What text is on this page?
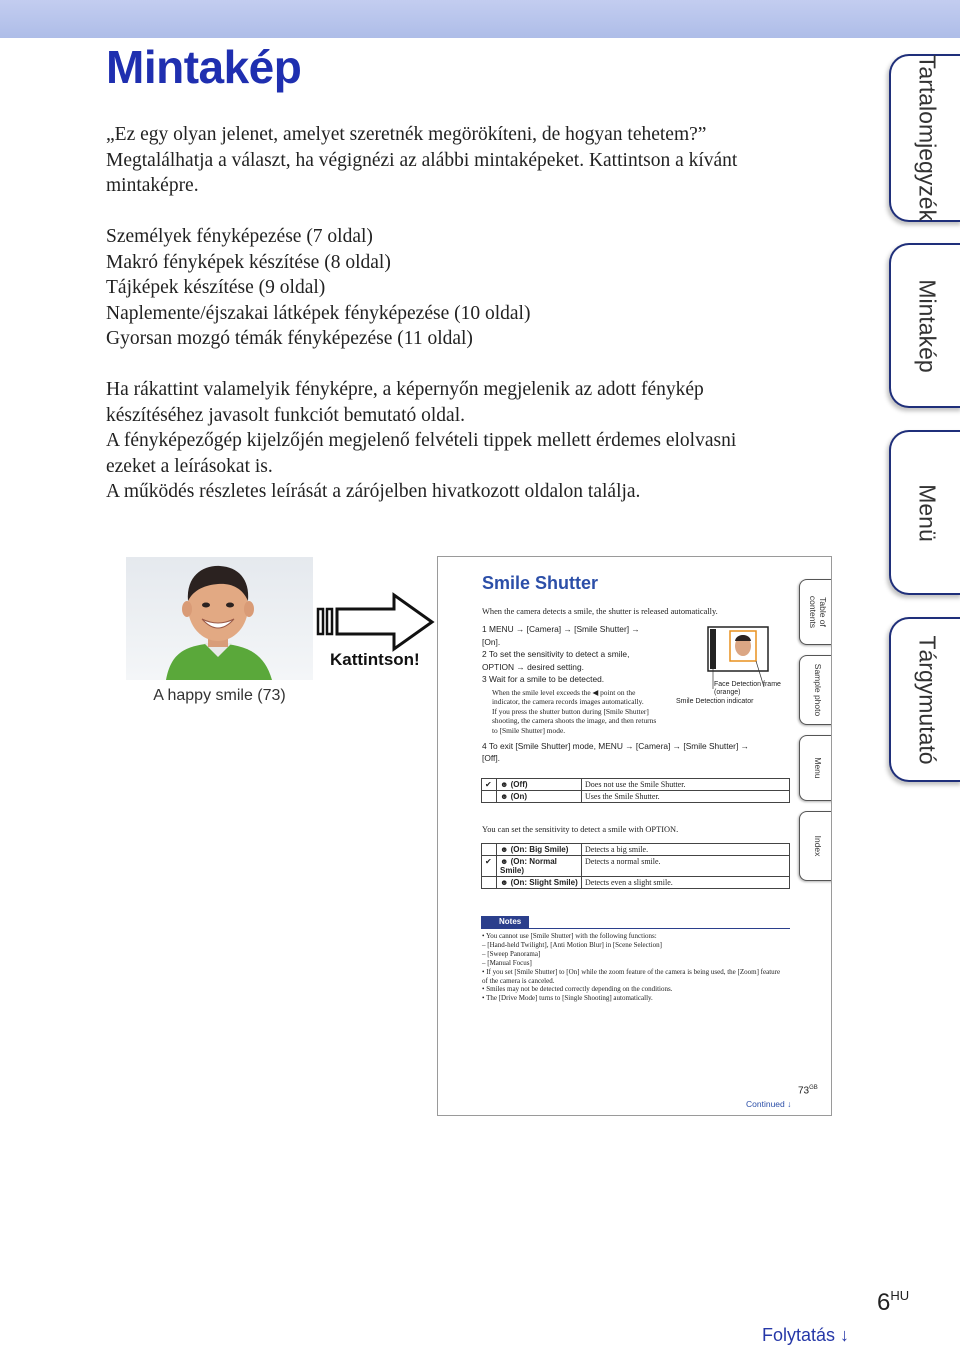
Mintakép
„Ez egy olyan jelenet, amelyet szeretnék megörökíteni, de hogyan tehetem?”
Megtalálhatja a választ, ha végignézi az alábbi mintaképeket. Kattintson a kívánt
mintaképre.
Személyek fényképezése (7 oldal)
Makró fényképek készítése (8 oldal)
Tájképek készítése (9 oldal)
Naplemente/éjszakai látképek fényképezése (10 oldal)
Gyorsan mozgó témák fényképezése (11 oldal)
Ha rákattint valamelyik fényképre, a képernyőn megjelenik az adott fénykép
készítéséhez javasolt funkciót bemutató oldal.
A fényképezőgép kijelzőjén megjelenő felvételi tippek mellett érdemes elolvasni
ezeket a leírásokat is.
A működés részletes leírását a zárójelben hivatkozott oldalon találja.
Tartalomjegyzék
Mintakép
Menü
Tárgymutató
A happy smile (73)
Kattintson!
Smile Shutter
When the camera detects a smile, the shutter is released automatically.
1 MENU → [Camera] → [Smile Shutter] →
[On].
2 To set the sensitivity to detect a smile,
OPTION → desired setting.
3 Wait for a smile to be detected.
When the smile level exceeds the ◀ point on the
indicator, the camera records images automatically.
If you press the shutter button during [Smile Shutter]
shooting, the camera shoots the image, and then returns
to [Smile Shutter] mode.
4 To exit [Smile Shutter] mode, MENU → [Camera] → [Smile Shutter] →
[Off].
Face Detection frame
(orange)
Smile Detection indicator
✔	☻ (Off)	Does not use the Smile Shutter.
	☻ (On)	Uses the Smile Shutter.
You can set the sensitivity to detect a smile with OPTION.
	☻ (On: Big Smile)	Detects a big smile.
✔	☻ (On: Normal Smile)	Detects a normal smile.
	☻ (On: Slight Smile)	Detects even a slight smile.
Notes
• You cannot use [Smile Shutter] with the following functions:
– [Hand-held Twilight], [Anti Motion Blur] in [Scene Selection]
– [Sweep Panorama]
– [Manual Focus]
• If you set [Smile Shutter] to [On] while the zoom feature of the camera is being used, the [Zoom] feature
of the camera is canceled.
• Smiles may not be detected correctly depending on the conditions.
• The [Drive Mode] turns to [Single Shooting] automatically.
Table of contents
Sample photo
Menu
Index
$73^{GB}$
Continued ↓
$6^{HU}$
Folytatás ↓
